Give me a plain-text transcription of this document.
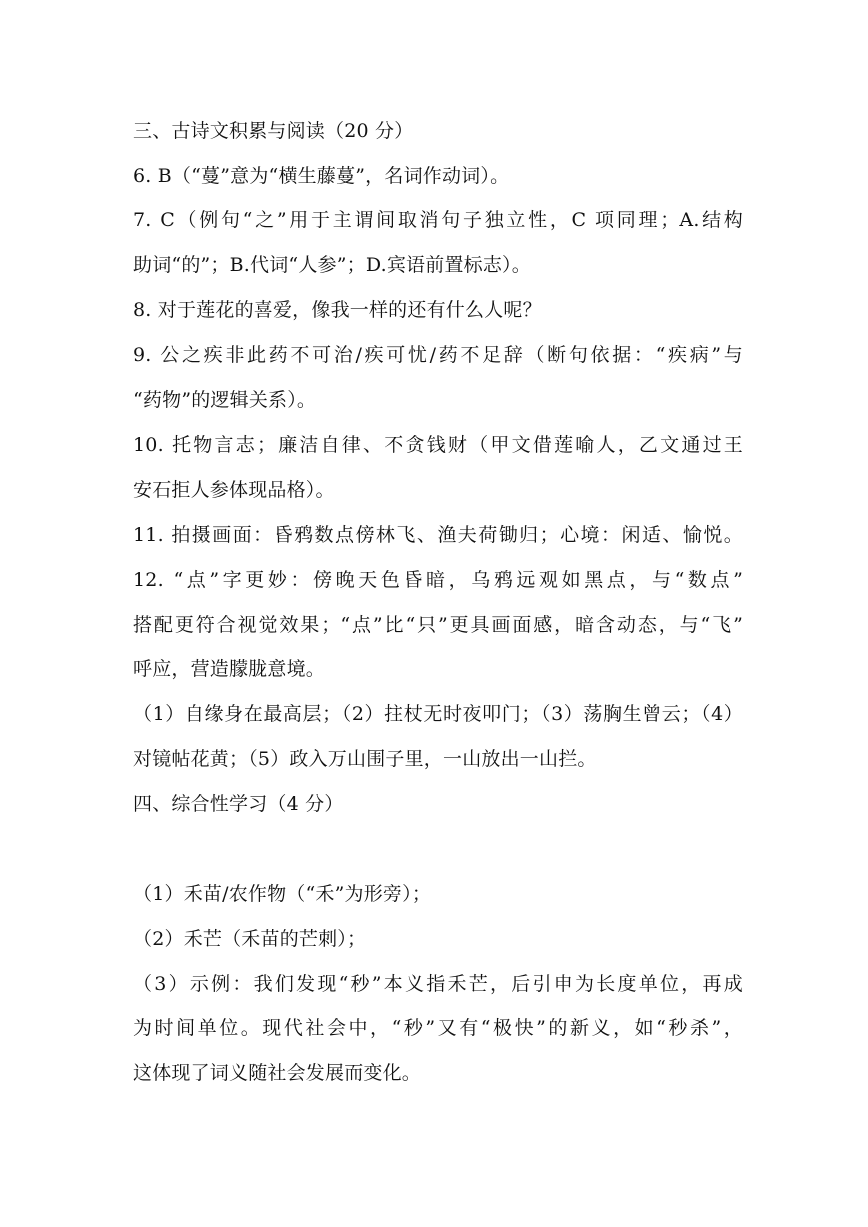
三、古诗文积累与阅读（20 分）
6. B（“蔓”意为“横生藤蔓”，名词作动词）。
7. C（例句“之”用于主谓间取消句子独立性，C 项同理；A.结构
助词“的”；B.代词“人参”；D.宾语前置标志）。
8. 对于莲花的喜爱，像我一样的还有什么人呢？
9. 公之疾非此药不可治/疾可忧/药不足辞（断句依据：“疾病”与
“药物”的逻辑关系）。
10. 托物言志；廉洁自律、不贪钱财（甲文借莲喻人，乙文通过王
安石拒人参体现品格）。
11. 拍摄画面：昏鸦数点傍林飞、渔夫荷锄归；心境：闲适、愉悦。
12. “点”字更妙：傍晚天色昏暗，乌鸦远观如黑点，与“数点”
搭配更符合视觉效果；“点”比“只”更具画面感，暗含动态，与“飞”
呼应，营造朦胧意境。
（1）自缘身在最高层；（2）拄杖无时夜叩门；（3）荡胸生曾云；（4）
对镜帖花黄；（5）政入万山围子里，一山放出一山拦。
四、综合性学习（4 分）
（1）禾苗/农作物（“禾”为形旁）；
（2）禾芒（禾苗的芒刺）；
（3）示例：我们发现“秒”本义指禾芒，后引申为长度单位，再成
为时间单位。现代社会中，“秒”又有“极快”的新义，如“秒杀”，
这体现了词义随社会发展而变化。
